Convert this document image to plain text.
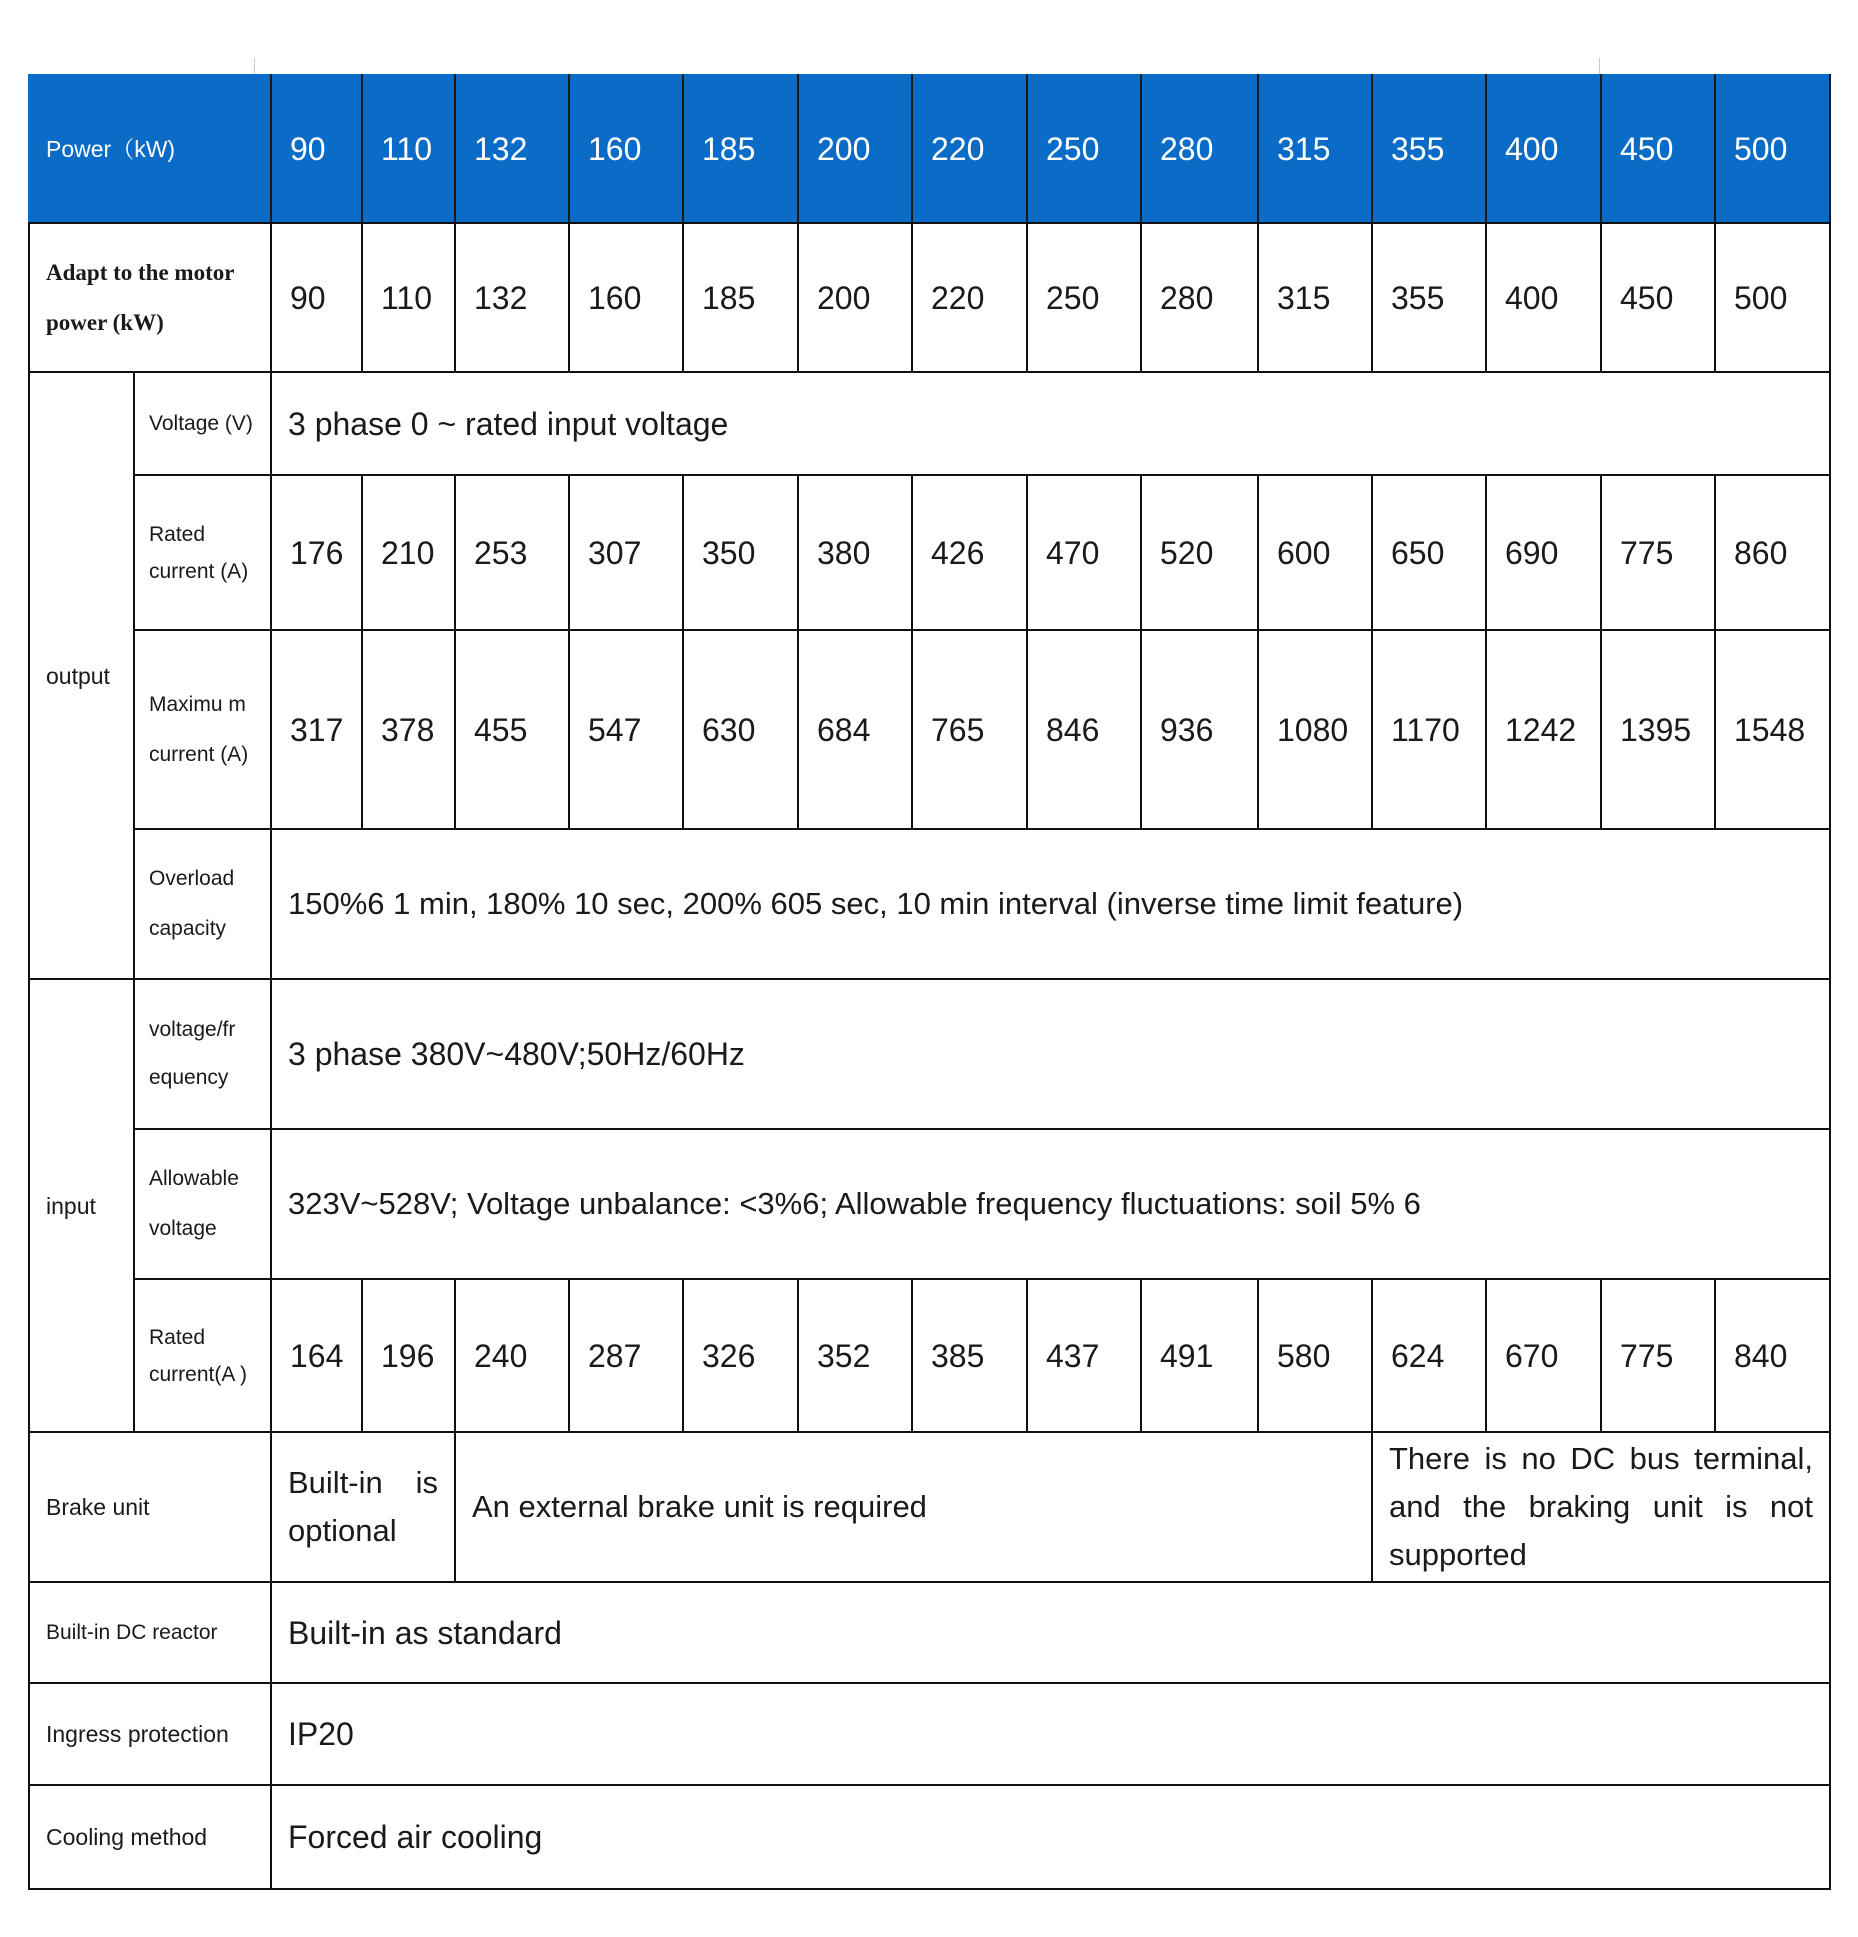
Power（kW)		90	110	132	160	185	200	220	250	280	315	355	400	450	500
Adapt to the motor power (kW)		90	110	132	160	185	200	220	250	280	315	355	400	450	500
output	Voltage (V)	3 phase 0 ~ rated input voltage													
	Rated current (A)	176	210	253	307	350	380	426	470	520	600	650	690	775	860
	Maximu m current (A)	317	378	455	547	630	684	765	846	936	1080	1170	1242	1395	1548
	Overload capacity	150%6 1 min, 180% 10 sec, 200% 605 sec, 10 min interval (inverse time limit feature)													
input	voltage/fr equency	3 phase 380V~480V;50Hz/60Hz													
	Allowable voltage	323V~528V; Voltage unbalance: <3%6; Allowable frequency fluctuations: soil 5% 6													
	Rated current(A )	164	196	240	287	326	352	385	437	491	580	624	670	775	840
Brake unit		Built-in is optional		An external brake unit is required								There is no DC bus terminal, and the braking unit is not supported			
Built-in DC reactor		Built-in as standard													
Ingress protection		IP20													
Cooling method		Forced air cooling													
